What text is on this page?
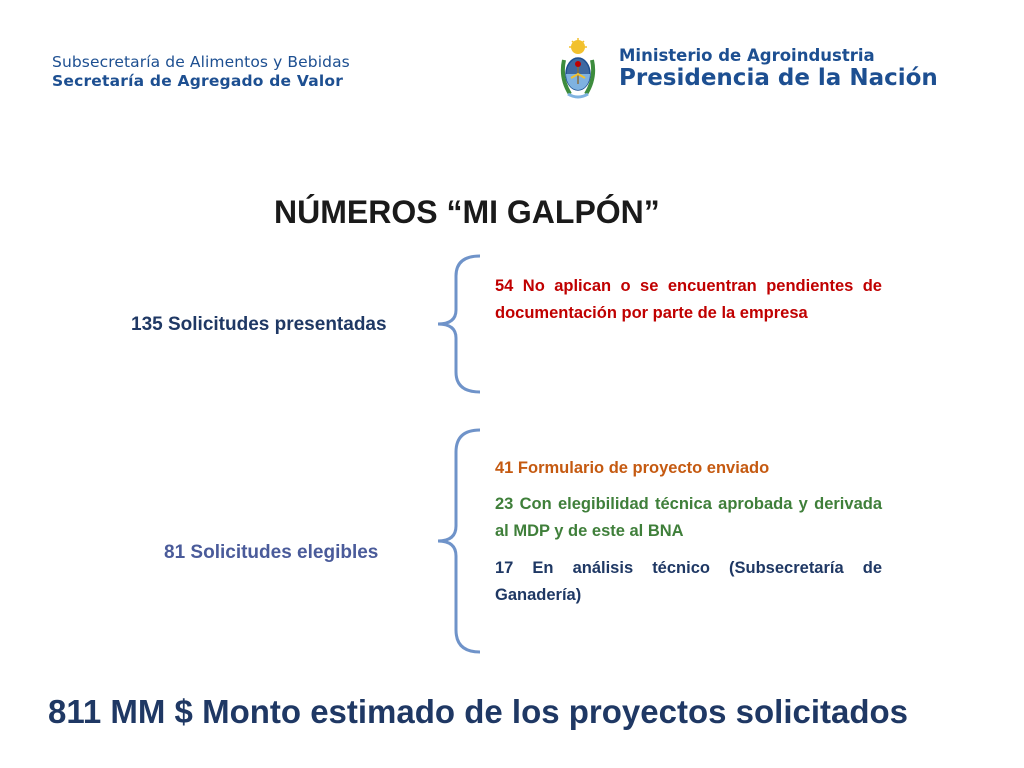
Subsecretaría de Alimentos y Bebidas
Secretaría de Agregado de Valor
Ministerio de Agroindustria
Presidencia de la Nación
NÚMEROS “MI GALPÓN”
135 Solicitudes presentadas
54 No aplican o se encuentran pendientes de documentación por parte de la empresa
81 Solicitudes elegibles
41 Formulario de proyecto enviado
23 Con elegibilidad técnica aprobada y derivada al MDP y de este al BNA
17 En análisis técnico (Subsecretaría de Ganadería)
811 MM $ Monto estimado de los proyectos solicitados
